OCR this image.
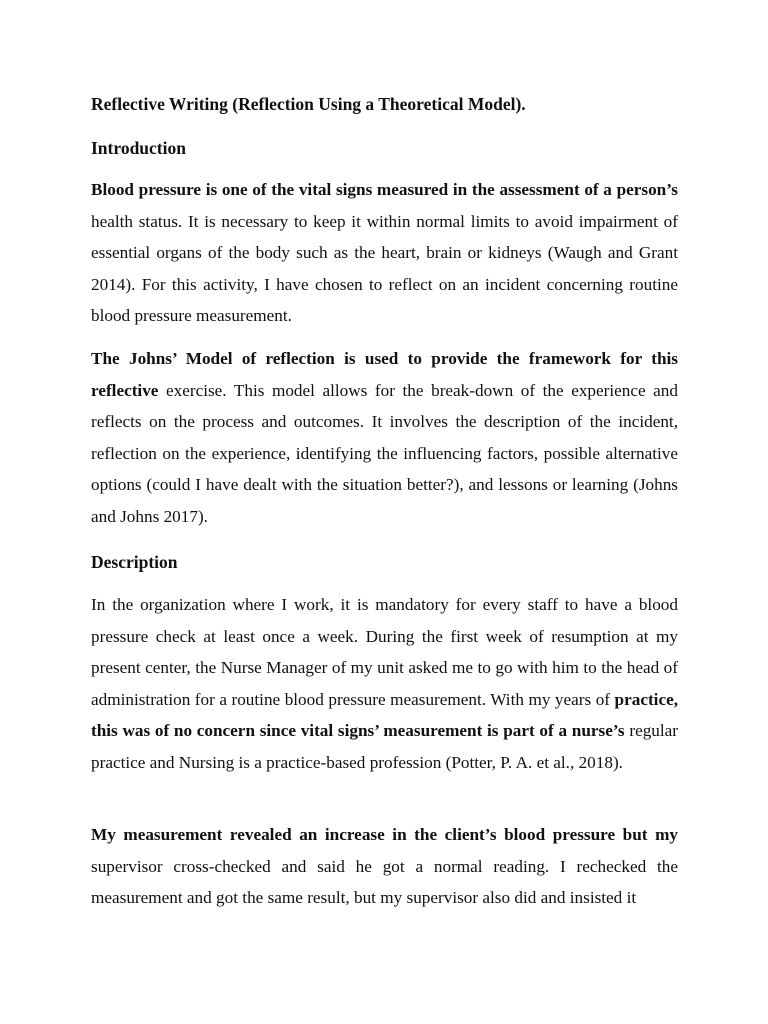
Reflective Writing (Reflection Using a Theoretical Model).
Introduction

Blood pressure is one of the vital signs measured in the assessment of a person’s health status. It is necessary to keep it within normal limits to avoid impairment of essential organs of the body such as the heart, brain or kidneys (Waugh and Grant 2014). For this activity, I have chosen to reflect on an incident concerning routine blood pressure measurement.

The Johns’ Model of reflection is used to provide the framework for this reflective exercise. This model allows for the break-down of the experience and reflects on the process and outcomes. It involves the description of the incident, reflection on the experience, identifying the influencing factors, possible alternative options (could I have dealt with the situation better?), and lessons or learning (Johns and Johns 2017).

Description

In the organization where I work, it is mandatory for every staff to have a blood pressure check at least once a week. During the first week of resumption at my present center, the Nurse Manager of my unit asked me to go with him to the head of administration for a routine blood pressure measurement. With my years of practice, this was of no concern since vital signs’ measurement is part of a nurse’s regular practice and Nursing is a practice-based profession (Potter, P. A. et al., 2018).

My measurement revealed an increase in the client’s blood pressure but my supervisor cross-checked and said he got a normal reading. I rechecked the measurement and got the same result, but my supervisor also did and insisted it
